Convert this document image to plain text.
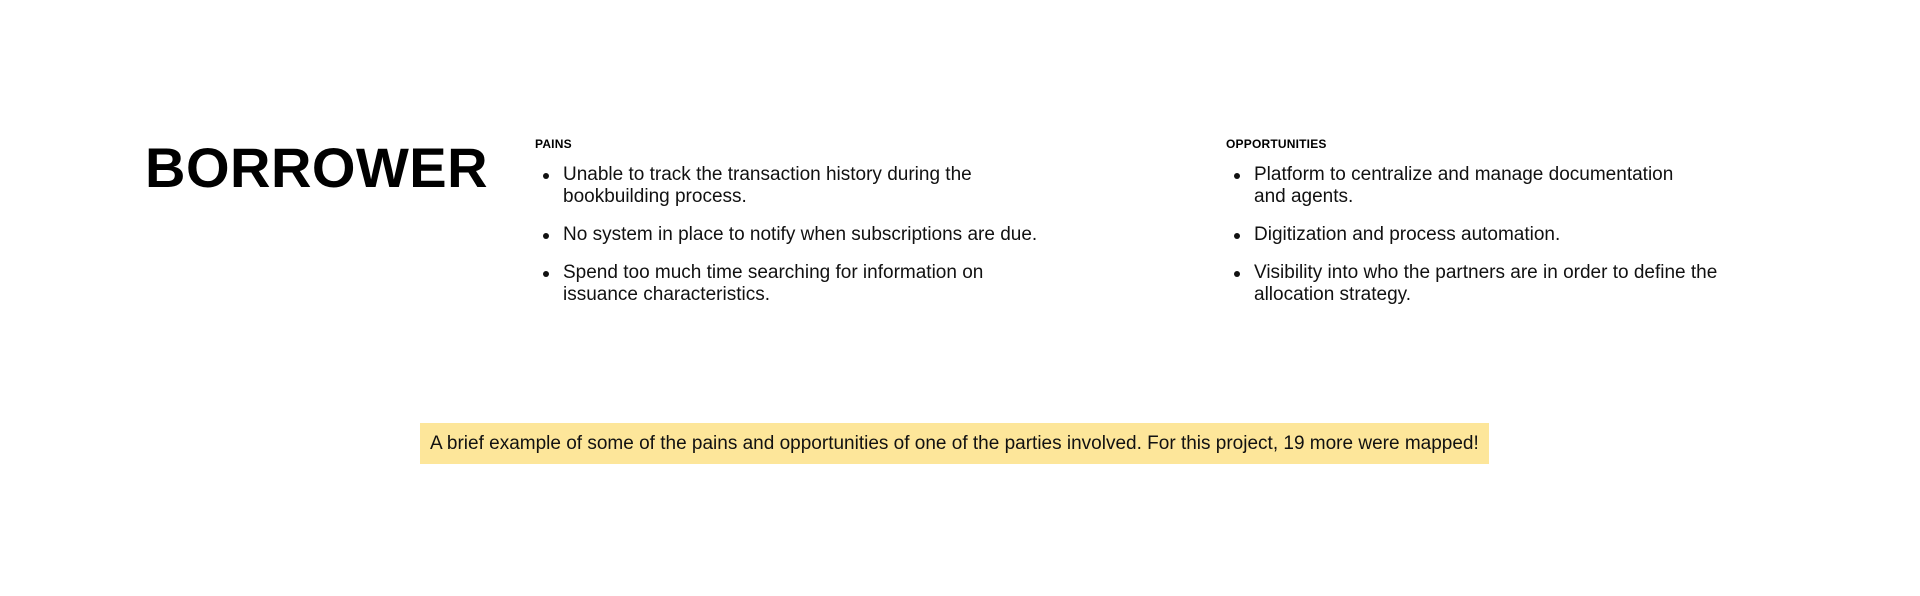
BORROWER	PAINS
Unable to track the transaction history during the
bookbuilding process.
No system in place to notify when subscriptions are due.
Spend too much time searching for information on
issuance characteristics.
OPPORTUNITIES
Platform to centralize and manage documentation
and agents.
Digitization and process automation.
Visibility into who the partners are in order to define the
allocation strategy.
A brief example of some of the pains and opportunities of one of the parties involved. For this project, 19 more were mapped!
